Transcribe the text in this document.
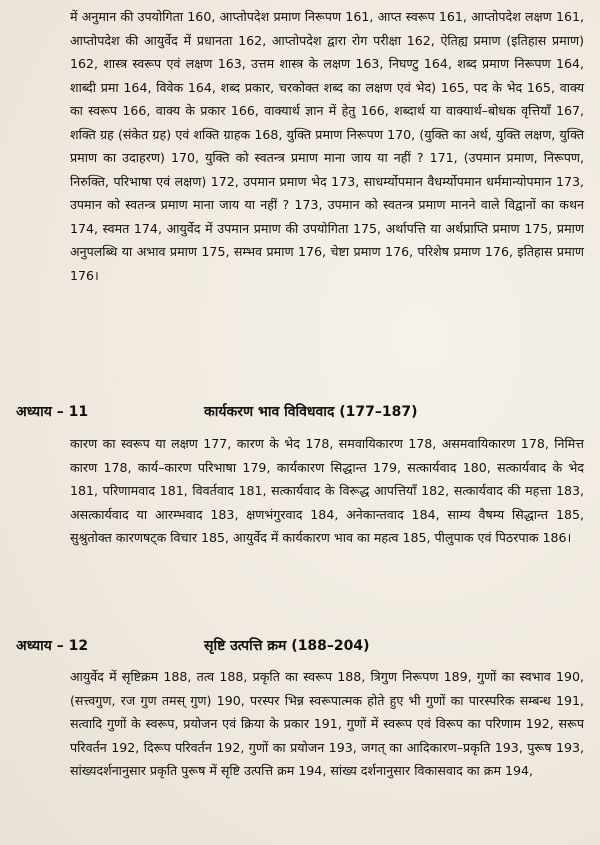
में अनुमान की उपयोगिता 160, आप्तोपदेश प्रमाण निरूपण 161, आप्त स्वरूप 161, आप्तोपदेश लक्षण 161, आप्तोपदेश की आयुर्वेद में प्रधानता 162, आप्तोपदेश द्वारा रोग परीक्षा 162, ऐतिह्य प्रमाण (इतिहास प्रमाण) 162, शास्त्र स्वरूप एवं लक्षण 163, उत्तम शास्त्र के लक्षण 163, निघण्टु 164, शब्द प्रमाण निरूपण 164, शाब्दी प्रमा 164, विवेक 164, शब्द प्रकार, चरकोक्त शब्द का लक्षण एवं भेद) 165, पद के भेद 165, वाक्य का स्वरूप 166, वाक्य के प्रकार 166, वाक्यार्थ ज्ञान में हेतु 166, शब्दार्थ या वाक्यार्थ–बोधक वृत्तियाँ 167, शक्ति ग्रह (संकेत ग्रह) एवं शक्ति ग्राहक 168, युक्ति प्रमाण निरूपण 170, (युक्ति का अर्थ, युक्ति लक्षण, युक्ति प्रमाण का उदाहरण) 170, युक्ति को स्वतन्त्र प्रमाण माना जाय या नहीं ? 171, (उपमान प्रमाण, निरूपण, निरुक्ति, परिभाषा एवं लक्षण) 172, उपमान प्रमाण भेद 173, साधर्म्योपमान वैधर्म्योपमान धर्ममान्योपमान 173, उपमान को स्वतन्त्र प्रमाण माना जाय या नहीं ? 173, उपमान को स्वतन्त्र प्रमाण मानने वाले विद्वानों का कथन 174, स्वमत 174, आयुर्वेद में उपमान प्रमाण की उपयोगिता 175, अर्थापत्ति या अर्थप्राप्ति प्रमाण 175, प्रमाण अनुपलब्धि या अभाव प्रमाण 175, सम्भव प्रमाण 176, चेष्टा प्रमाण 176, परिशेष प्रमाण 176, इतिहास प्रमाण 176।

अध्याय – 11	कार्यकरण भाव विविधवाद (177–187)

कारण का स्वरूप या लक्षण 177, कारण के भेद 178, समवायिकारण 178, असमवायिकारण 178, निमित्त कारण 178, कार्य–कारण परिभाषा 179, कार्यकारण सिद्धान्त 179, सत्कार्यवाद 180, सत्कार्यवाद के भेद 181, परिणामवाद 181, विवर्तवाद 181, सत्कार्यवाद के विरूद्ध आपत्तियाँ 182, सत्कार्यवाद की महत्ता 183, असत्कार्यवाद या आरम्भवाद 183, क्षणभंगुरवाद 184, अनेकान्तवाद 184, साम्य वैषम्य सिद्धान्त 185, सुश्रुतोक्त कारणषट्क विचार 185, आयुर्वेद में कार्यकारण भाव का महत्व 185, पीलुपाक एवं पिठरपाक 186।

अध्याय – 12	सृष्टि उत्पत्ति क्रम (188–204)

आयुर्वेद में सृष्टिक्रम 188, तत्व 188, प्रकृति का स्वरूप 188, त्रिगुण निरूपण 189, गुणों का स्वभाव 190,(सत्त्वगुण, रज गुण तमस् गुण) 190, परस्पर भिन्न स्वरूपात्मक होते हुए भी गुणों का पारस्परिक सम्बन्ध 191, सत्वादि गुणों के स्वरूप, प्रयोजन एवं क्रिया के प्रकार 191, गुणों में स्वरूप एवं विरूप का परिणाम 192, सरूप परिवर्तन 192, दिरूप परिवर्तन 192, गुणों का प्रयोजन 193, जगत् का आदिकारण–प्रकृति 193, पुरूष 193, सांख्यदर्शनानुसार प्रकृति पुरूष में सृष्टि उत्पत्ति क्रम 194, सांख्य दर्शनानुसार विकासवाद का क्रम 194,
